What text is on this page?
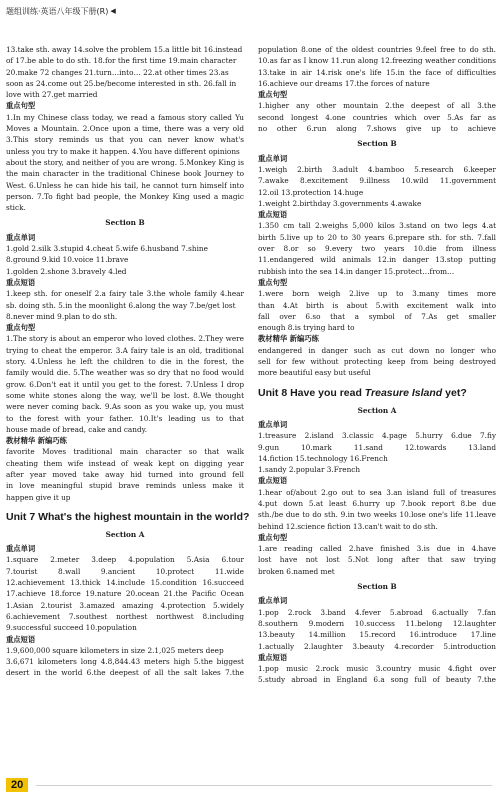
题组训练·英语八年级下册(R) ◀
13.take sth. away 14.solve the problem 15.a little bit 16.instead
of 17.be able to do sth. 18.for the first time 19.main character
20.make 72 changes 21.turn…into… 22.at other times 23.as
soon as 24.come out 25.be/become interested in sth. 26.fall in
love with 27.get married
重点句型
1.In my Chinese class today, we read a famous story called Yu
Moves a Mountain. 2.Once upon a time, there was a very old
3.This story reminds us that you can never know what's
unless you try to make it happen. 4.You have different opinions
about the story, and neither of you are wrong. 5.Monkey King is
the main character in the traditional Chinese book Journey to
West. 6.Unless he can hide his tail, he cannot turn himself into
person. 7.To fight bad people, the Monkey King used a magic
stick.
Section B
重点单词
1.gold 2.silk 3.stupid 4.cheat 5.wife 6.husband 7.shine
8.ground 9.kid 10.voice 11.brave
1.golden 2.shone 3.bravely 4.led
重点短语
1.keep sth. for oneself 2.a fairy tale 3.the whole family 4.hear
sb. doing sth. 5.in the moonlight 6.along the way 7.be/get lost
8.never mind 9.plan to do sth.
重点句型
1.The story is about an emperor who loved clothes. 2.They were
trying to cheat the emperor. 3.A fairy tale is an old, traditional
story. 4.Unless he left the children to die in the forest, the
family would die. 5.The weather was so dry that no food would
grow. 6.Don't eat it until you get to the forest. 7.Unless I drop
some white stones along the way, we'll be lost. 8.We thought
were never coming back. 9.As soon as you wake up, you must
to the forest with your father. 10.It's leading us to that
house made of bread, cake and candy.
教材精华 新编巧练
favorite Moves traditional main character so that walk
cheating them wife instead of weak kept on digging year
after year moved take away hid turned into ground fell
in love meaningful stupid brave reminds unless make it
happen give it up
Unit 7 What's the highest mountain in the world?
Section A
重点单词
1.square 2.meter 3.deep 4.population 5.Asia 6.tour
7.tourist 8.wall 9.ancient 10.protect 11.wide
12.achievement 13.thick 14.include 15.condition 16.succeed
17.achieve 18.force 19.nature 20.ocean 21.the Pacific Ocean
1.Asian 2.tourist 3.amazed amazing 4.protection 5.widely
6.achievement 7.southest northest northwest 8.including
9.successful succeed 10.population
重点短语
1.9,600,000 square kilometers in size 2.1,025 meters deep
3.6,671 kilometers long 4.8,844.43 meters high 5.the biggest
desert in the world 6.the deepest of all the salt lakes 7.the
population 8.one of the oldest countries 9.feel free to do sth.
10.as far as I know 11.run along 12.freezing weather conditions
13.take in air 14.risk one's life 15.in the face of difficulties
16.achieve our dreams 17.the forces of nature
重点句型
1.higher any other mountain 2.the deepest of all 3.the
second longest 4.one countries which over 5.As far as
no other 6.run along 7.shows give up to achieve
Section B
重点单词
1.weigh 2.birth 3.adult 4.bamboo 5.research 6.keeper
7.awake 8.excitement 9.illness 10.wild 11.government
12.oil 13.protection 14.huge
1.weight 2.birthday 3.governments 4.awake
重点短语
1.350 cm tall 2.weighs 5,000 kilos 3.stand on two legs 4.at
birth 5.live up to 20 to 30 years 6.prepare sth. for sth. 7.fall
over 8.or so 9.every two years 10.die from illness
11.endangered wild animals 12.in danger 13.stop putting
rubbish into the sea 14.in danger 15.protect…from…
重点句型
1.were born weigh 2.live up to 3.many times more
than 4.At birth is about 5.with excitement walk into
fall over 6.so that a symbol of 7.As get smaller
enough 8.is trying hard to
教材精华 新编巧练
endangered in danger such as cut down no longer who
sell for few without protecting keep from being destroyed
more beautiful easy but useful
Unit 8 Have you read Treasure Island yet?
Section A
重点单词
1.treasure 2.island 3.classic 4.page 5.hurry 6.due 7.fiy
9.gun 10.mark 11.sand 12.towards 13.land
14.fiction 15.technology 16.French
1.sandy 2.popular 3.French
重点短语
1.hear of/about 2.go out to sea 3.an island full of treasures
4.put down 5.at least 6.hurry up 7.book report 8.be due
sth./be due to do sth. 9.in two weeks 10.lose one's life 11.leave
behind 12.science fiction 13.can't wait to do sth.
重点句型
1.are reading called 2.have finished 3.is due in 4.have
lost have not lost 5.Not long after that saw trying
broken 6.named met
Section B
重点单词
1.pop 2.rock 3.band 4.fever 5.abroad 6.actually 7.fan
8.southern 9.modern 10.success 11.belong 12.laughter
13.beauty 14.million 15.record 16.introduce 17.line
1.actually 2.laughter 3.beauty 4.recorder 5.introduction
重点短语
1.pop music 2.rock music 3.country music 4.fight over
5.study abroad in England 6.a song full of beauty 7.the
20
